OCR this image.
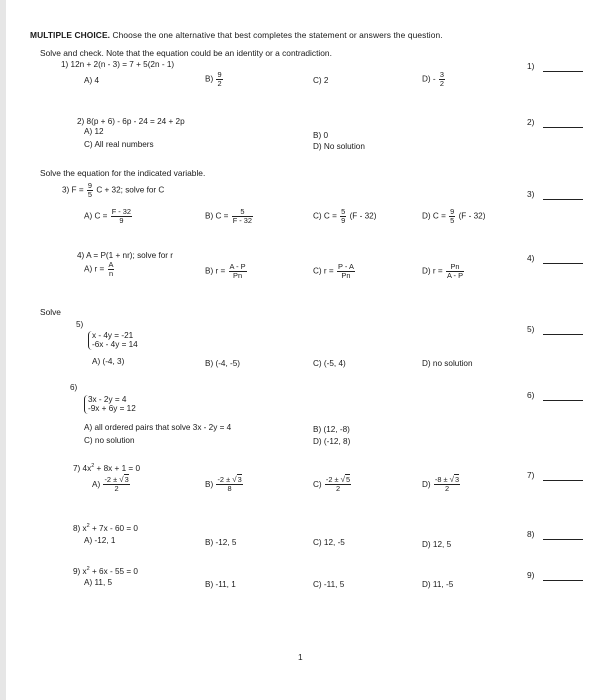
MULTIPLE CHOICE. Choose the one alternative that best completes the statement or answers the question.
Solve and check. Note that the equation could be an identity or a contradiction.
1) 12n + 2(n - 3) = 7 + 5(2n - 1)	1)
A) 4	$B) \frac{9}{2}$	C) 2	$D) - \frac{3}{2}$
2) 8(p + 6) - 6p - 24 = 24 + 2p	2)
A) 12	B) 0
C) All real numbers	D) No solution
Solve the equation for the indicated variable.
3) $F = \frac{9}{5}$ C + 32; solve for C	3)
A) $C = \frac{F - 32}{9}$	B) $C = \frac{5}{F - 32}$	C) $C = \frac{5}{9} (F - 32)$	D) $C = \frac{9}{5} (F - 32)$
4) A = P(1 + nr); solve for r	4)
A) $r = \frac{A}{n}$	B) $r = \frac{A - P}{Pn}$	C) $r = \frac{P - A}{Pn}$	D) $r = \frac{Pn}{A - P}$
Solve
5)
x - 4y = -21
-6x - 4y = 14
5)
A) (-4, 3)	B) (-4, -5)	C) (-5, 4)	D) no solution
6)
3x - 2y = 4
-9x + 6y = 12
6)
A) all ordered pairs that solve 3x - 2y = 4	B) (12, -8)
C) no solution	D) (-12, 8)
7) $4x^2 + 8x + 1 = 0$
7)
$A) \frac{-2 \pm √3}{2}$	$B) \frac{-2 \pm √3}{8}$	$C) \frac{-2 \pm √5}{2}$	$D) \frac{-8 \pm √3}{2}$
8) $x^2 + 7x - 60 = 0$
8)
A) -12, 1	B) -12, 5	C) 12, -5	D) 12, 5
9) $x^2 + 6x - 55 = 0$	9)
A) 11, 5	B) -11, 1	C) -11, 5	D) 11, -5
1
